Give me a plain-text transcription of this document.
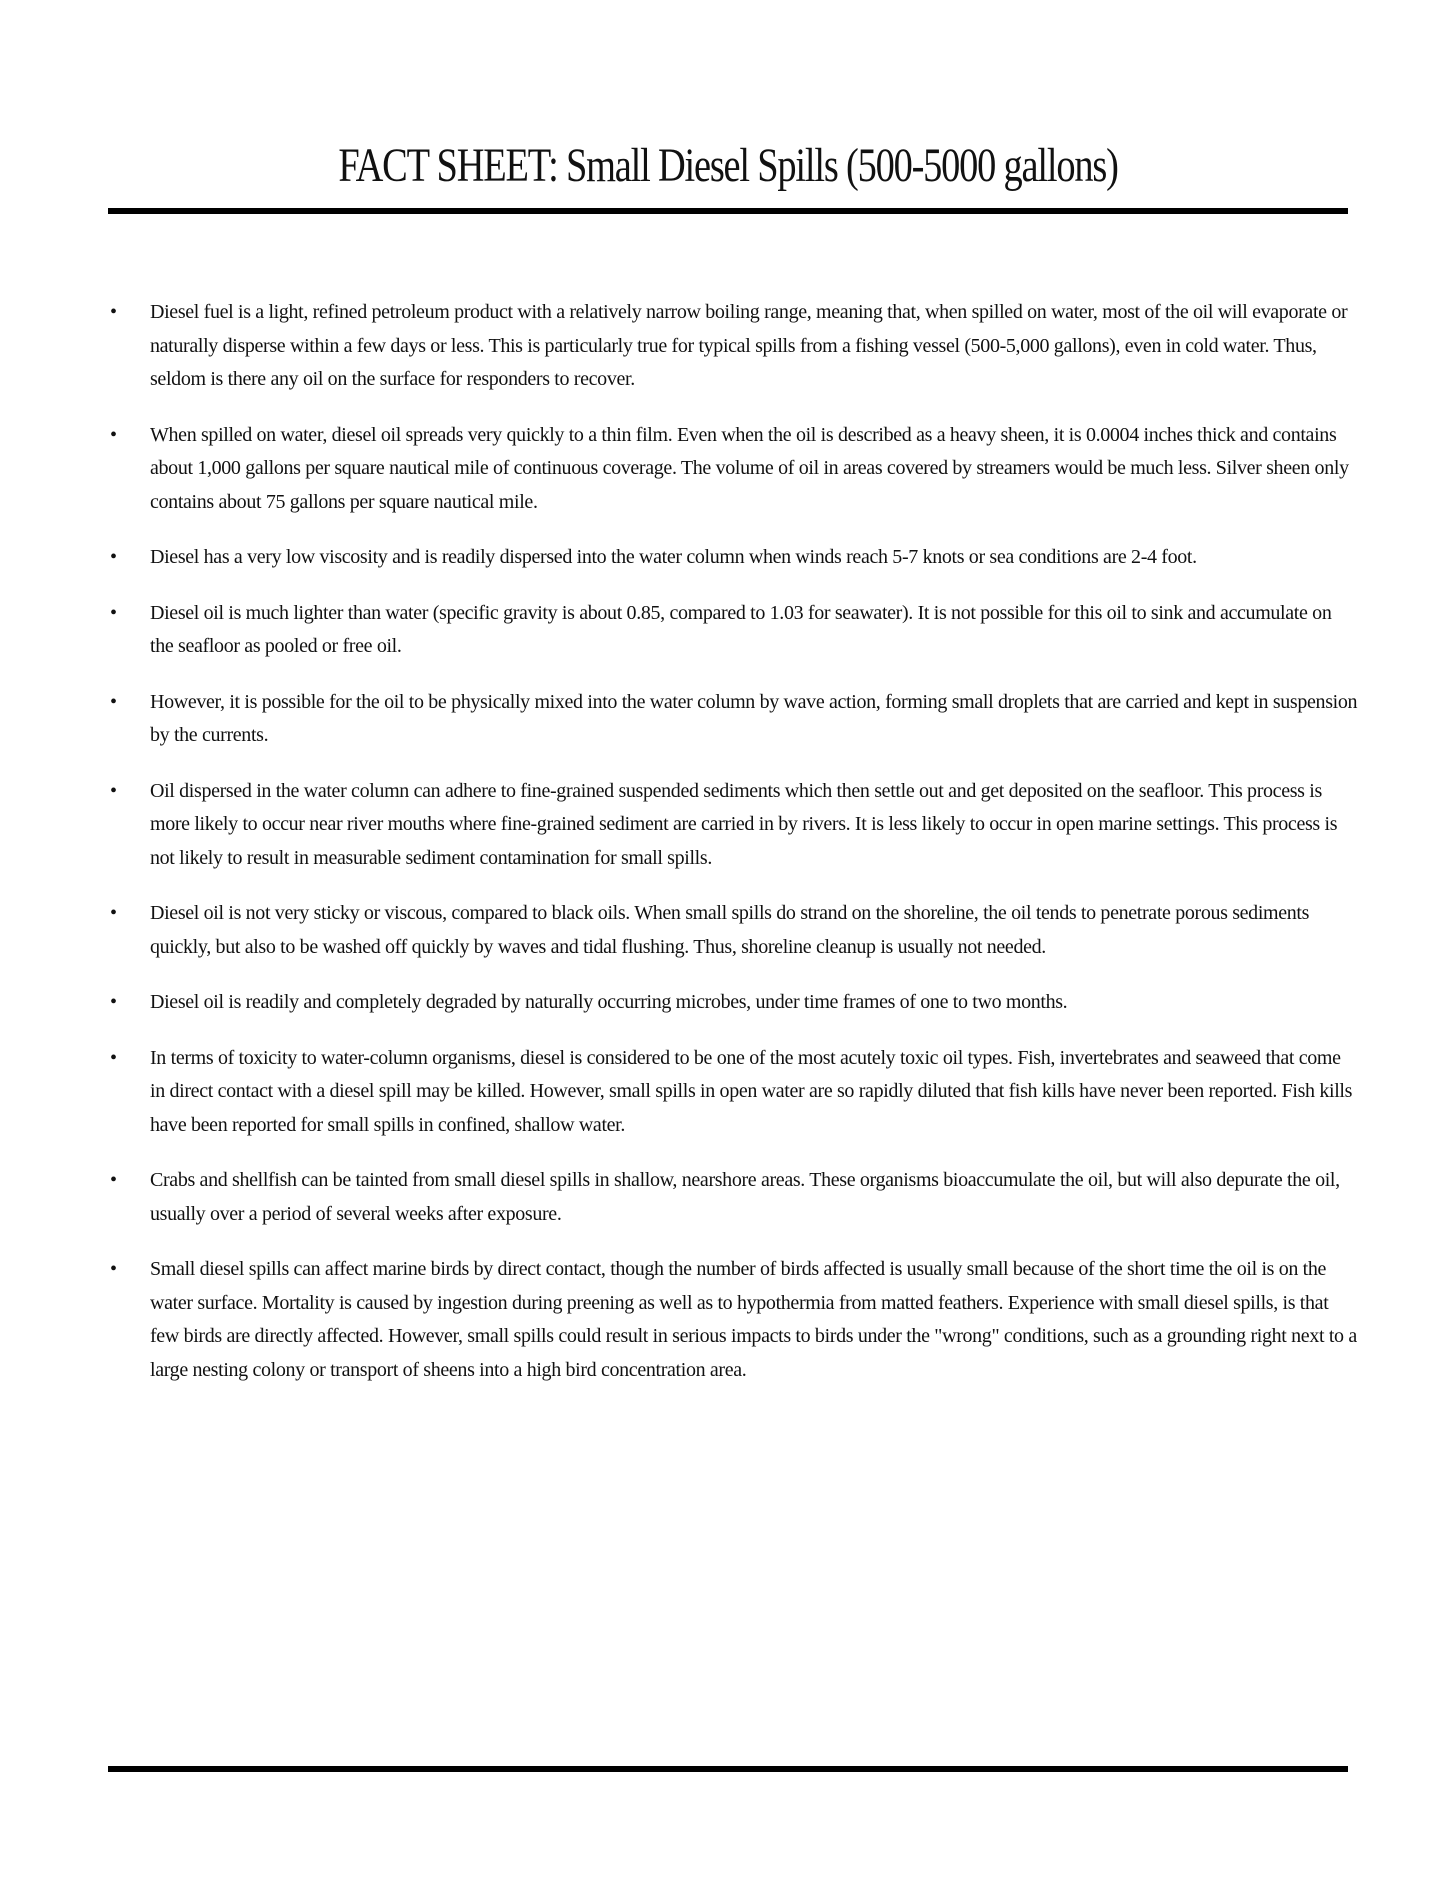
FACT SHEET: Small Diesel Spills (500-5000 gallons)
• Diesel fuel is a light, refined petroleum product with a relatively narrow boiling range, meaning that, when spilled on water, most of the oil will evaporate or naturally disperse within a few days or less. This is particularly true for typical spills from a fishing vessel (500-5,000 gallons), even in cold water. Thus, seldom is there any oil on the surface for responders to recover.
• When spilled on water, diesel oil spreads very quickly to a thin film. Even when the oil is described as a heavy sheen, it is 0.0004 inches thick and contains about 1,000 gallons per square nautical mile of continuous coverage. The volume of oil in areas covered by streamers would be much less. Silver sheen only contains about 75 gallons per square nautical mile.
• Diesel has a very low viscosity and is readily dispersed into the water column when winds reach 5-7 knots or sea conditions are 2-4 foot.
• Diesel oil is much lighter than water (specific gravity is about 0.85, compared to 1.03 for seawater). It is not possible for this oil to sink and accumulate on the seafloor as pooled or free oil.
• However, it is possible for the oil to be physically mixed into the water column by wave action, forming small droplets that are carried and kept in suspension by the currents.
• Oil dispersed in the water column can adhere to fine-grained suspended sediments which then settle out and get deposited on the seafloor. This process is more likely to occur near river mouths where fine-grained sediment are carried in by rivers. It is less likely to occur in open marine settings. This process is not likely to result in measurable sediment contamination for small spills.
• Diesel oil is not very sticky or viscous, compared to black oils. When small spills do strand on the shoreline, the oil tends to penetrate porous sediments quickly, but also to be washed off quickly by waves and tidal flushing. Thus, shoreline cleanup is usually not needed.
• Diesel oil is readily and completely degraded by naturally occurring microbes, under time frames of one to two months.
• In terms of toxicity to water-column organisms, diesel is considered to be one of the most acutely toxic oil types. Fish, invertebrates and seaweed that come in direct contact with a diesel spill may be killed. However, small spills in open water are so rapidly diluted that fish kills have never been reported. Fish kills have been reported for small spills in confined, shallow water.
• Crabs and shellfish can be tainted from small diesel spills in shallow, nearshore areas. These organisms bioaccumulate the oil, but will also depurate the oil, usually over a period of several weeks after exposure.
• Small diesel spills can affect marine birds by direct contact, though the number of birds affected is usually small because of the short time the oil is on the water surface. Mortality is caused by ingestion during preening as well as to hypothermia from matted feathers. Experience with small diesel spills, is that few birds are directly affected. However, small spills could result in serious impacts to birds under the "wrong" conditions, such as a grounding right next to a large nesting colony or transport of sheens into a high bird concentration area.
